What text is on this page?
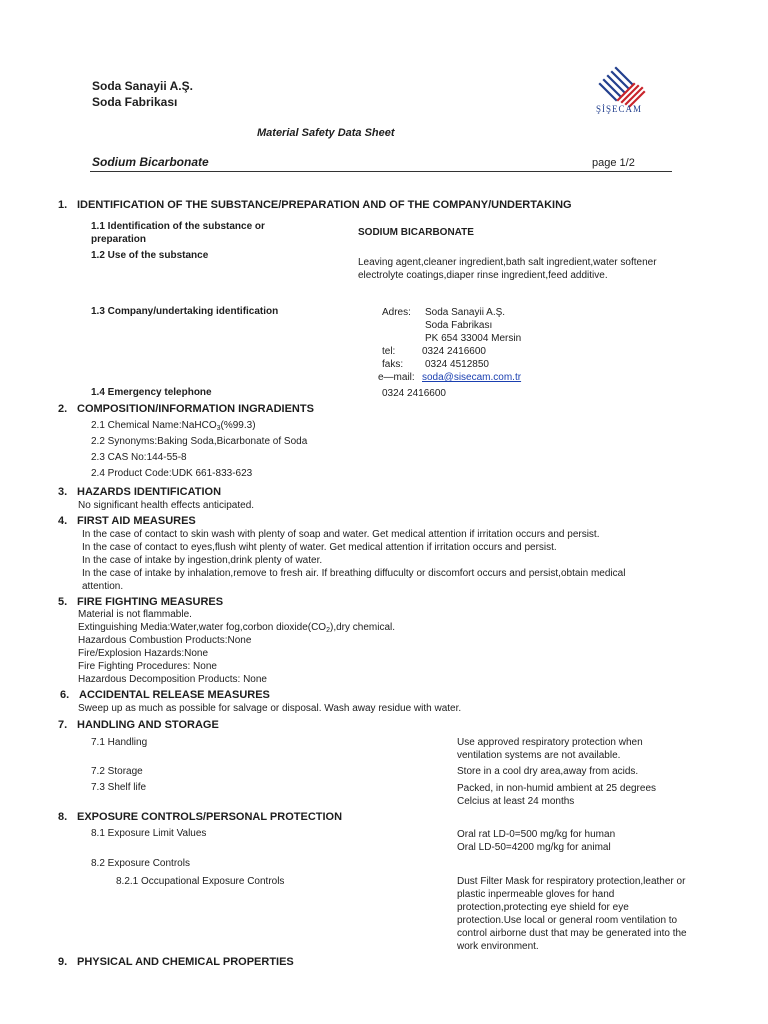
Soda Sanayii A.Ş.
Soda Fabrikası	ŞİŞECAM
Material Safety Data Sheet
Sodium Bicarbonate	page 1/2
1. IDENTIFICATION OF THE SUBSTANCE/PREPARATION AND OF THE COMPANY/UNDERTAKING
1.1 Identification of the substance or
preparation
SODIUM BICARBONATE
1.2 Use of the substance
Leaving agent,cleaner ingredient,bath salt ingredient,water softener
electrolyte coatings,diaper rinse ingredient,feed additive.
1.3 Company/undertaking identification	Adres: Soda Sanayii A.Ş.
Soda Fabrikası
PK 654 33004 Mersin
tel:	0324 2416600
faks: 0324 4512850
e—mail: soda@sisecam.com.tr
1.4 Emergency telephone	0324 2416600
2. COMPOSITION/INFORMATION INGRADIENTS
2.1 Chemical Name:NaHCO$_3$(%99.3)
2.2 Synonyms:Baking Soda,Bicarbonate of Soda
2.3 CAS No:144-55-8
2.4 Product Code:UDK 661-833-623
3. HAZARDS IDENTIFICATION
No significant health effects anticipated.
4. FIRST AID MEASURES
In the case of contact to skin wash with plenty of soap and water. Get medical attention if irritation occurs and persist.
In the case of contact to eyes,flush wiht plenty of water. Get medical attention if irritation occurs and persist.
In the case of intake by ingestion,drink plenty of water.
In the case of intake by inhalation,remove to fresh air. If breathing diffuculty or discomfort occurs and persist,obtain medical
attention.
5. FIRE FIGHTING MEASURES
Material is not flammable.
Extinguishing Media:Water,water fog,corbon $dioxide(CO_2),dry$ chemical.
Hazardous Combustion Products:None
Fire/Explosion Hazards:None
Fire Fighting Procedures: None
Hazardous Decomposition Products: None
6. ACCIDENTAL RELEASE MEASURES
Sweep up as much as possible for salvage or disposal. Wash away residue with water.
7. HANDLING AND STORAGE
7.1 Handling	Use approved respiratory protection when
ventilation systems are not available.
7.2 Storage	Store in a cool dry area,away from acids.
7.3 Shelf life	Packed, in non-humid ambient at 25 degrees
Celcius at least 24 months
8. EXPOSURE CONTROLS/PERSONAL PROTECTION
8.1 Exposure Limit Values	Oral rat LD-0=500 mg/kg for human
Oral LD-50=4200 mg/kg for animal
8.2 Exposure Controls
8.2.1 Occupational Exposure Controls	Dust Filter Mask for respiratory protection,leather or
plastic inpermeable gloves for hand
protection,protecting eye shield for eye
protection.Use local or general room ventilation to
control airborne dust that may be generated into the
work environment.
9. PHYSICAL AND CHEMICAL PROPERTIES
